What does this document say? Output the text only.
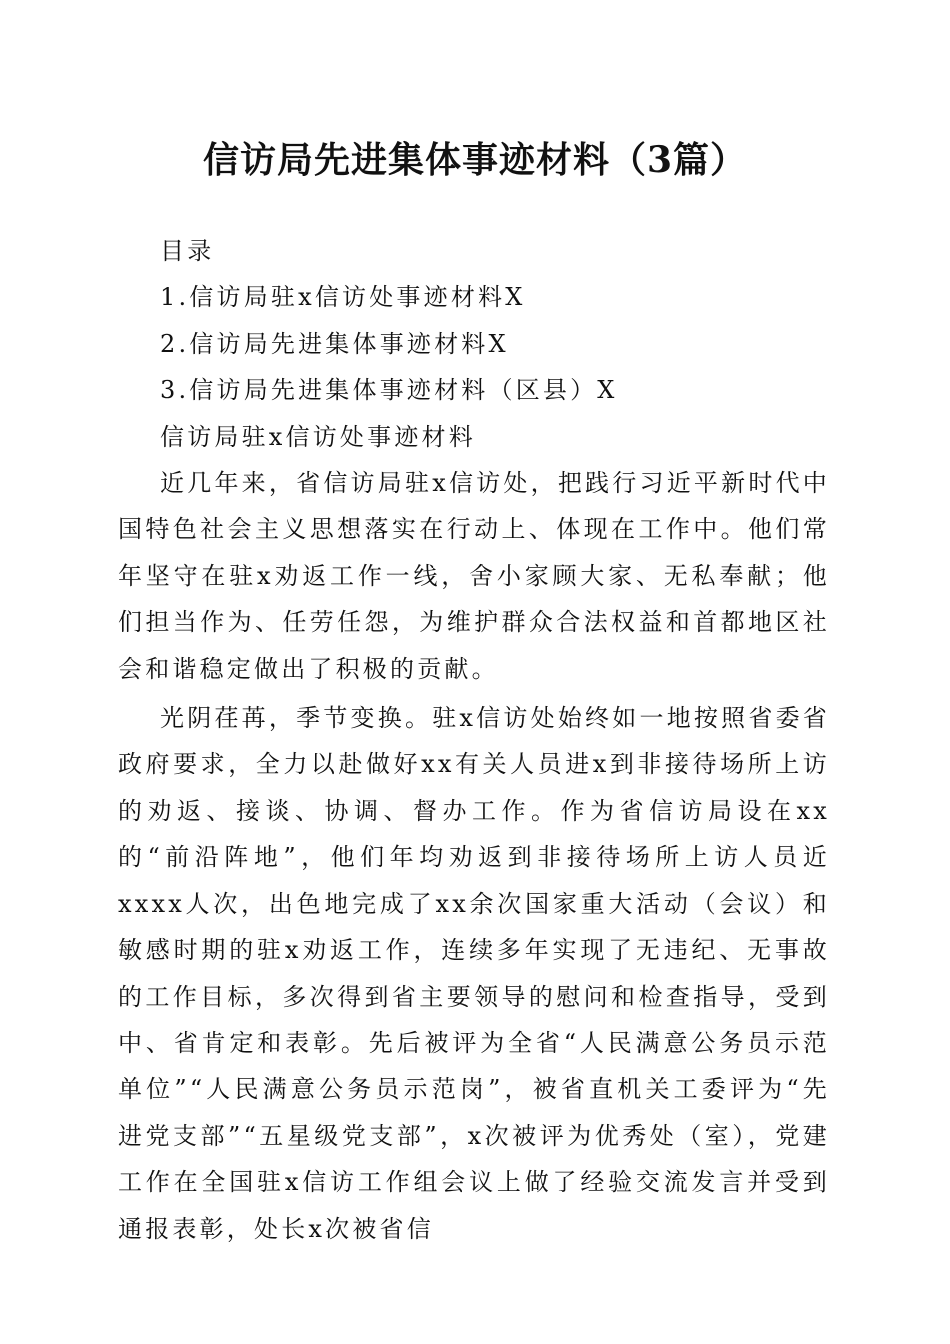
信访局先进集体事迹材料（3篇）
目录
1.信访局驻x信访处事迹材料X
2.信访局先进集体事迹材料X
3.信访局先进集体事迹材料（区县）X
信访局驻x信访处事迹材料

近几年来，省信访局驻x信访处，把践行习近平新时代中国特色社会主义思想落实在行动上、体现在工作中。他们常年坚守在驻x劝返工作一线，舍小家顾大家、无私奉献；他们担当作为、任劳任怨，为维护群众合法权益和首都地区社会和谐稳定做出了积极的贡献。

光阴荏苒，季节变换。驻x信访处始终如一地按照省委省政府要求，全力以赴做好xx有关人员进x到非接待场所上访的劝返、接谈、协调、督办工作。作为省信访局设在xx的“前沿阵地”，他们年均劝返到非接待场所上访人员近xxxx人次，出色地完成了xx余次国家重大活动（会议）和敏感时期的驻x劝返工作，连续多年实现了无违纪、无事故的工作目标，多次得到省主要领导的慰问和检查指导，受到中、省肯定和表彰。先后被评为全省“人民满意公务员示范单位”“人民满意公务员示范岗”，被省直机关工委评为“先进党支部”“五星级党支部”，x次被评为优秀处（室），党建工作在全国驻x信访工作组会议上做了经验交流发言并受到通报表彰，处长x次被省信
